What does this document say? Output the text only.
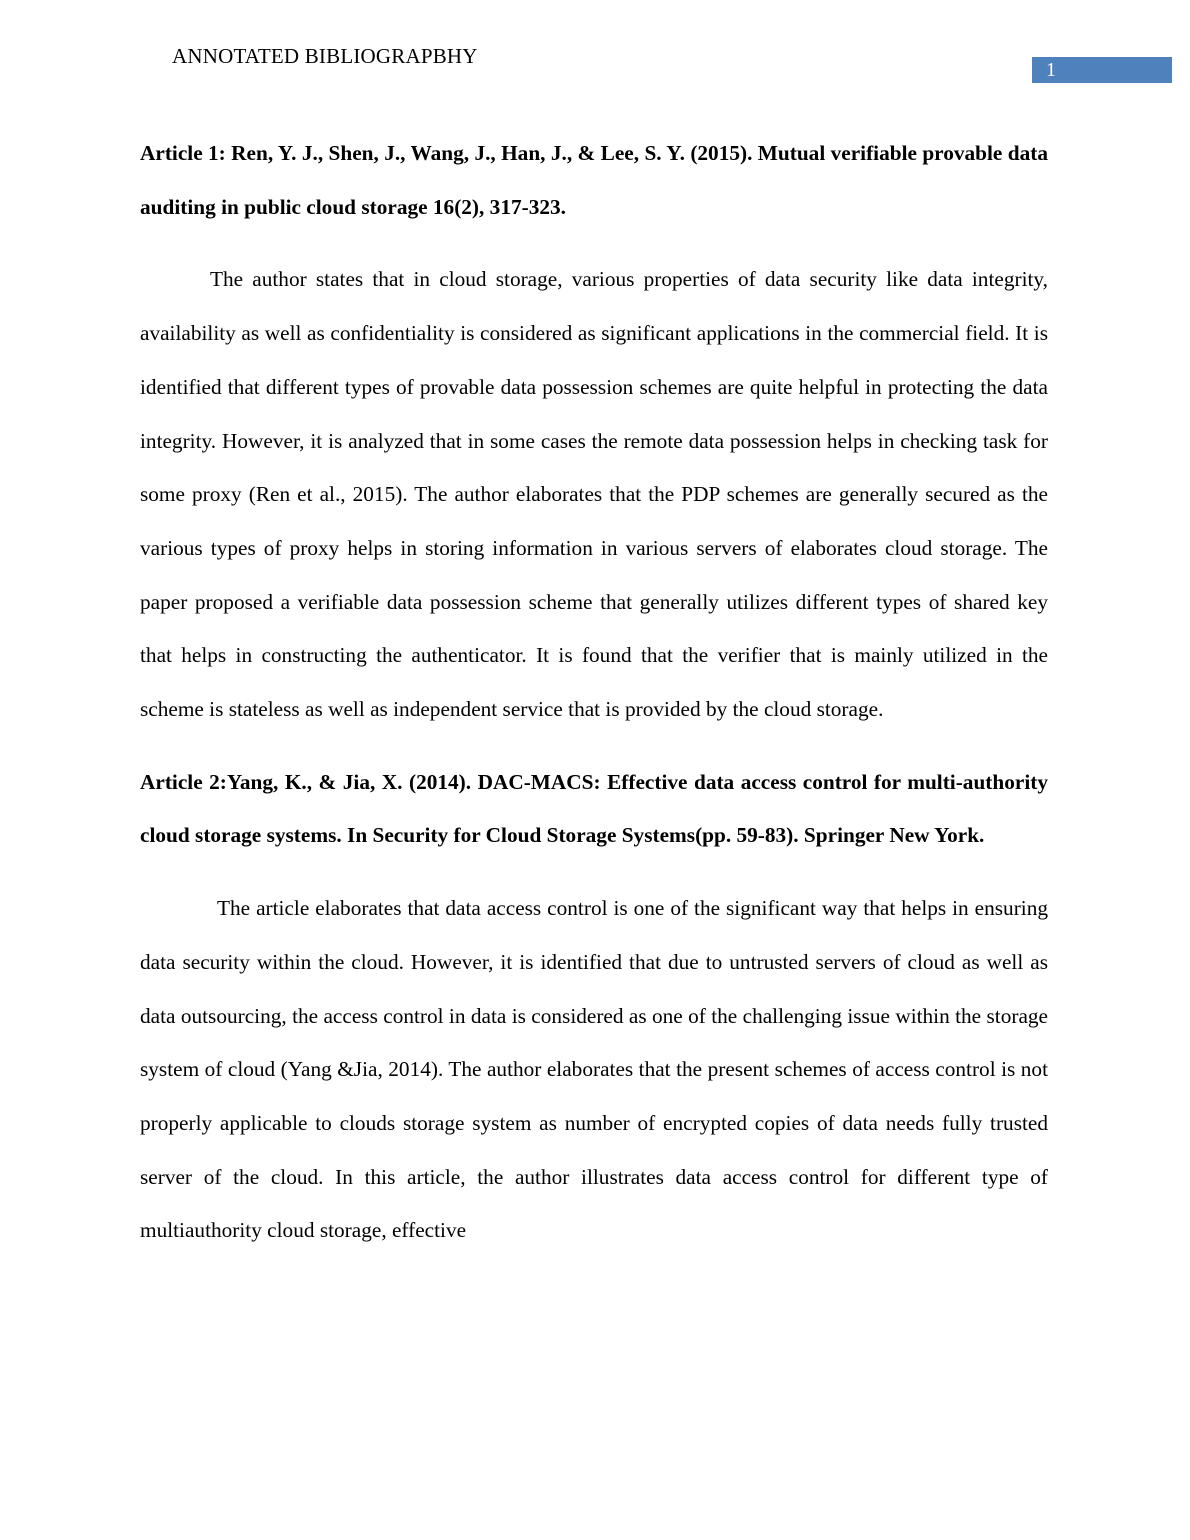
ANNOTATED BIBLIOGRAPBHY
1

Article 1: Ren, Y. J., Shen, J., Wang, J., Han, J., & Lee, S. Y. (2015). Mutual verifiable provable data auditing in public cloud storage 16(2), 317-323.

The author states that in cloud storage, various properties of data security like data integrity, availability as well as confidentiality is considered as significant applications in the commercial field. It is identified that different types of provable data possession schemes are quite helpful in protecting the data integrity. However, it is analyzed that in some cases the remote data possession helps in checking task for some proxy (Ren et al., 2015). The author elaborates that the PDP schemes are generally secured as the various types of proxy helps in storing information in various servers of elaborates cloud storage. The paper proposed a verifiable data possession scheme that generally utilizes different types of shared key that helps in constructing the authenticator. It is found that the verifier that is mainly utilized in the scheme is stateless as well as independent service that is provided by the cloud storage.

Article 2:Yang, K., & Jia, X. (2014). DAC-MACS: Effective data access control for multi-authority cloud storage systems. In Security for Cloud Storage Systems(pp. 59-83). Springer New York.

The article elaborates that data access control is one of the significant way that helps in ensuring data security within the cloud. However, it is identified that due to untrusted servers of cloud as well as data outsourcing, the access control in data is considered as one of the challenging issue within the storage system of cloud (Yang &Jia, 2014). The author elaborates that the present schemes of access control is not properly applicable to clouds storage system as number of encrypted copies of data needs fully trusted server of the cloud. In this article, the author illustrates data access control for different type of multiauthority cloud storage, effective
